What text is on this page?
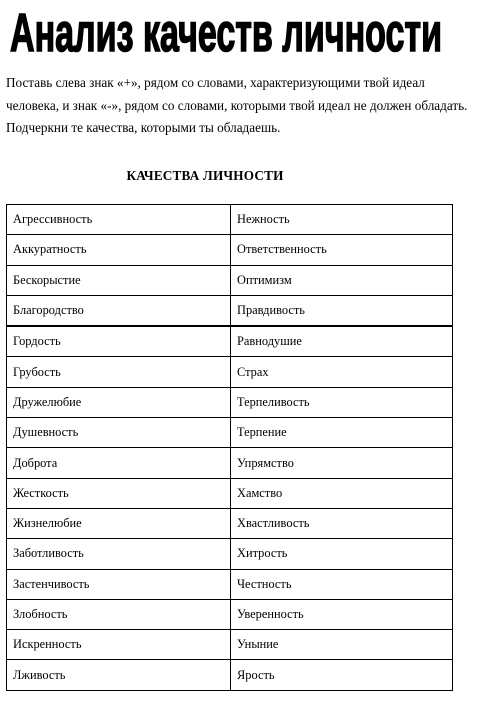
Анализ качеств личности

Поставь слева знак «+», рядом со словами, характеризующими твой идеал человека, и знак «-», рядом со словами, которыми твой идеал не должен обладать. Подчеркни те качества, которыми ты обладаешь.

КАЧЕСТВА ЛИЧНОСТИ

Агрессивность	Нежность
Аккуратность	Ответственность
Бескорыстие	Оптимизм
Благородство	Правдивость
Гордость	Равнодушие
Грубость	Страх
Дружелюбие	Терпеливость
Душевность	Терпение
Доброта	Упрямство
Жесткость	Хамство
Жизнелюбие	Хвастливость
Заботливость	Хитрость
Застенчивость	Честность
Злобность	Уверенность
Искренность	Уныние
Лживость	Ярость
